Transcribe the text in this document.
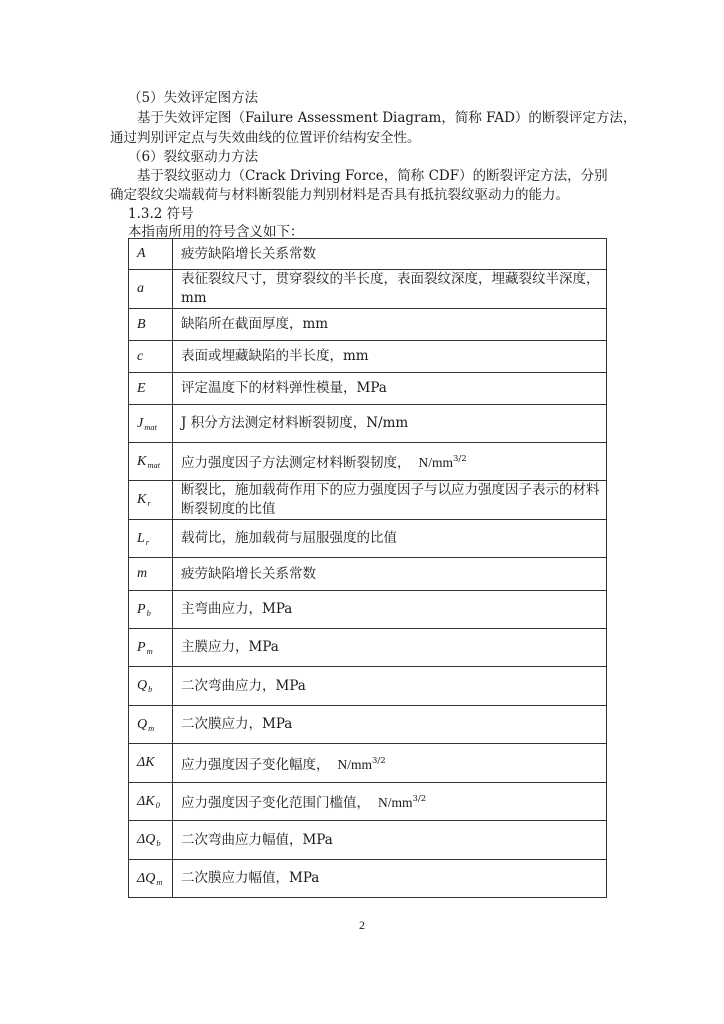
（5）失效评定图方法
基于失效评定图（Failure Assessment Diagram，简称 FAD）的断裂评定方法，
通过判别评定点与失效曲线的位置评价结构安全性。
（6）裂纹驱动力方法
基于裂纹驱动力（Crack Driving Force，简称 CDF）的断裂评定方法，分别
确定裂纹尖端载荷与材料断裂能力判别材料是否具有抵抗裂纹驱动力的能力。
1.3.2 符号
本指南所用的符号含义如下：
A	疲劳缺陷增长关系常数
a	表征裂纹尺寸，贯穿裂纹的半长度，表面裂纹深度，埋藏裂纹半深度，mm
B	缺陷所在截面厚度，mm
c	表面或埋藏缺陷的半长度，mm
E	评定温度下的材料弹性模量，MPa
$J_{mat}$	J 积分方法测定材料断裂韧度，N/mm
$K_{mat}$	应力强度因子方法测定材料断裂韧度， $N/mm^{3/2}$
$K_r$	断裂比，施加载荷作用下的应力强度因子与以应力强度因子表示的材料断裂韧度的比值
$L_r$	载荷比，施加载荷与屈服强度的比值
m	疲劳缺陷增长关系常数
$P_b$	主弯曲应力，MPa
$P_m$	主膜应力，MPa
$Q_b$	二次弯曲应力，MPa
$Q_m$	二次膜应力，MPa
ΔK	应力强度因子变化幅度， $N/mm^{3/2}$
$\Delta K_0$	应力强度因子变化范围门槛值， $N/mm^{3/2}$
$\Delta Q_b$	二次弯曲应力幅值，MPa
$\Delta Q_m$	二次膜应力幅值，MPa
2
